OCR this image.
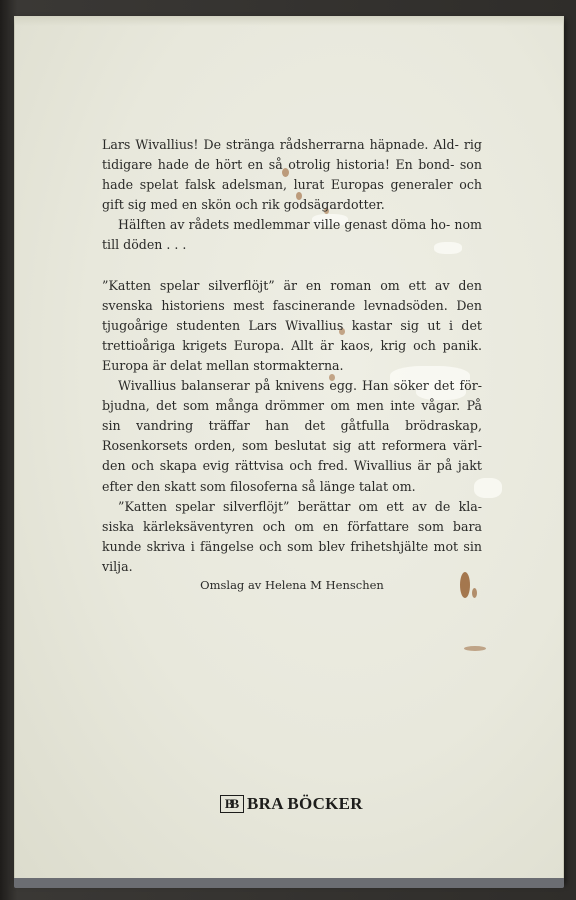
Lars Wivallius! De stränga rådsherrarna häpnade. Ald- rig tidigare hade de hört en så otrolig historia! En bond- son hade spelat falsk adelsman, lurat Europas generaler och gift sig med en skön och rik godsägardotter.

Hälften av rådets medlemmar ville genast döma ho- nom till döden . . .

”Katten spelar silverflöjt” är en roman om ett av den svenska historiens mest fascinerande levnadsöden. Den tjugoårige studenten Lars Wivallius kastar sig ut i det trettioåriga krigets Europa. Allt är kaos, krig och panik. Europa är delat mellan stormakterna.

Wivallius balanserar på knivens egg. Han söker det för- bjudna, det som många drömmer om men inte vågar. På sin vandring träffar han det gåtfulla brödraskap, Rosenkorsets orden, som beslutat sig att reformera värl- den och skapa evig rättvisa och fred. Wivallius är på jakt efter den skatt som filosoferna så länge talat om.

”Katten spelar silverflöjt” berättar om ett av de kla- siska kärleksäventyren och om en författare som bara kunde skriva i fängelse och som blev frihetshjälte mot sin vilja.

Omslag av Helena M Henschen
BB BRA BÖCKER
